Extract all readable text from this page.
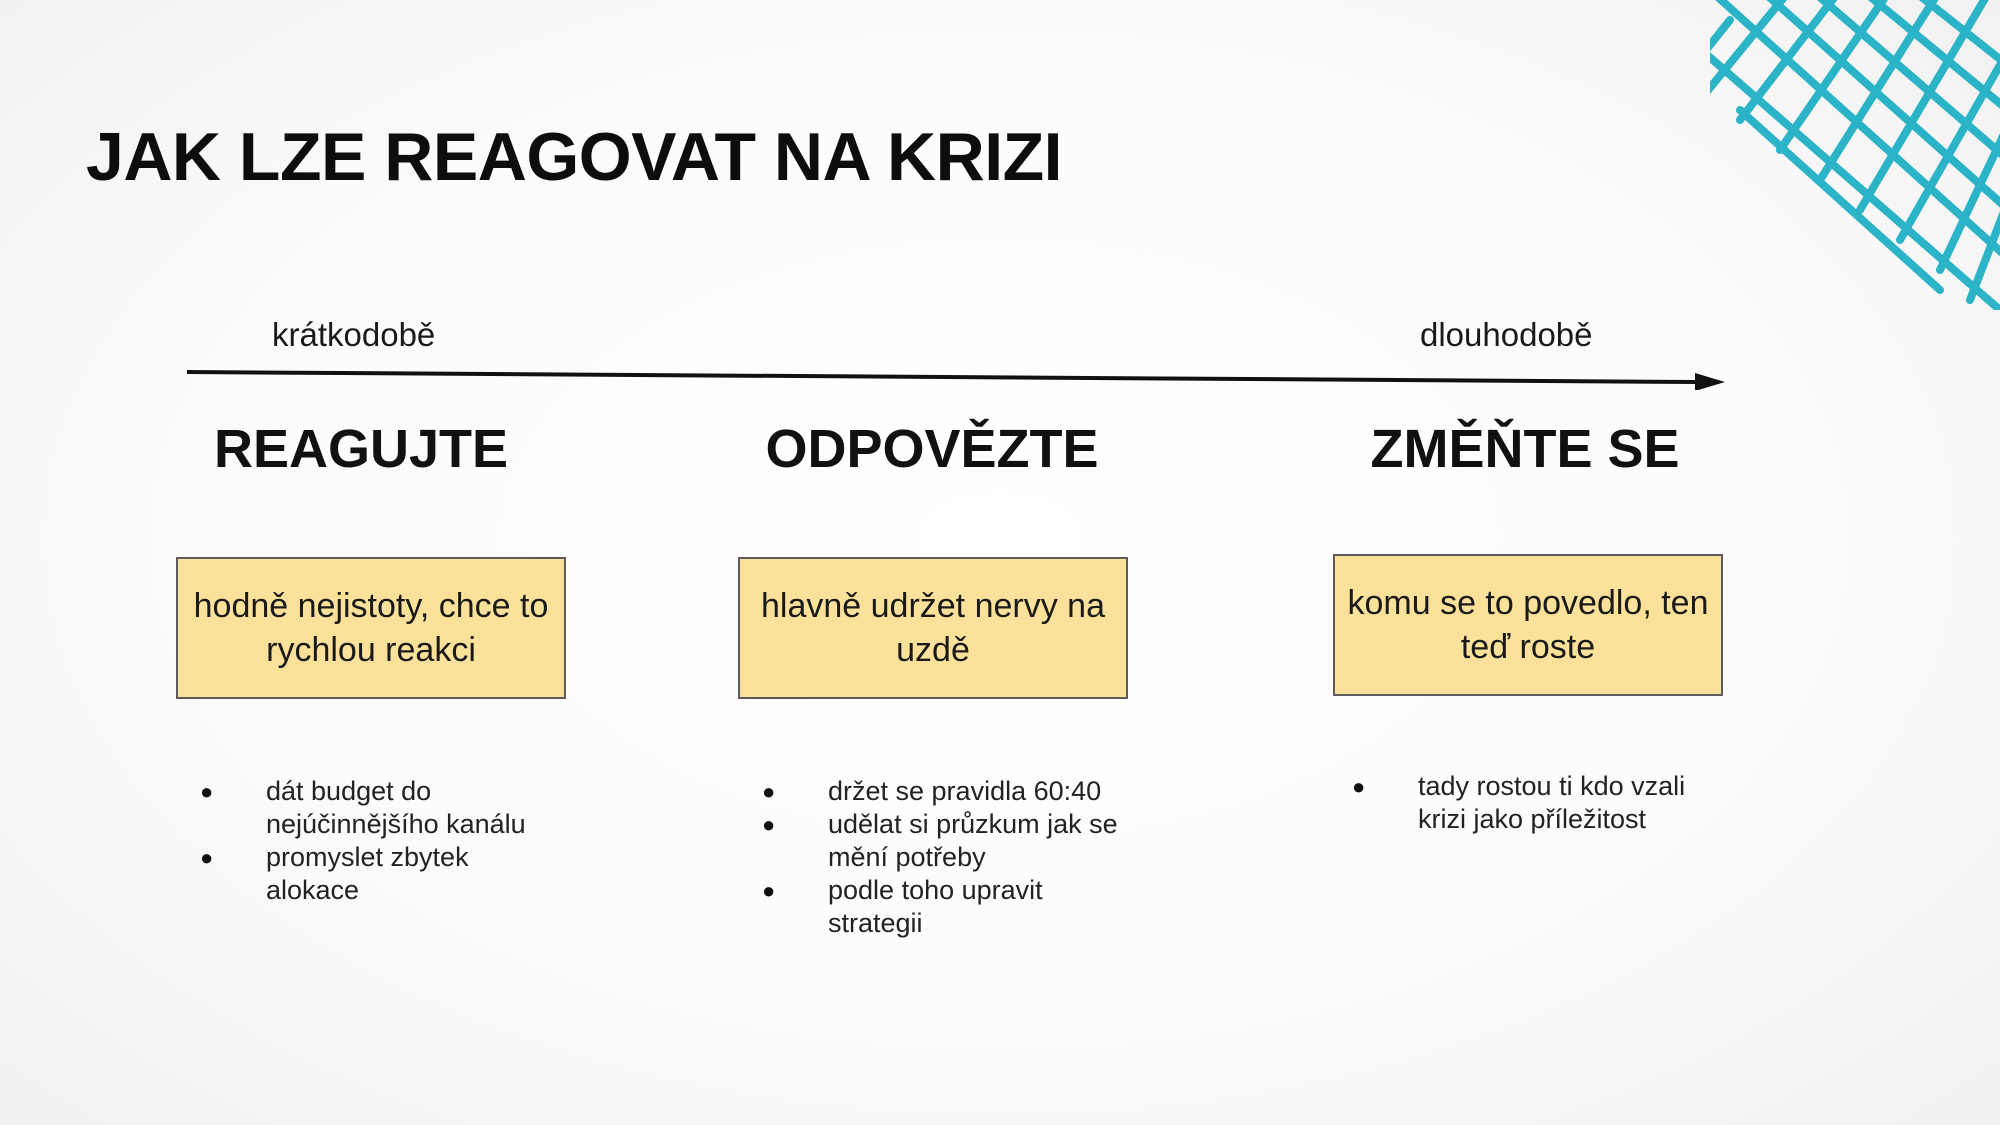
JAK LZE REAGOVAT NA KRIZI
krátkodobě	dlouhodobě
REAGUJTE
hodně nejistoty, chce to rychlou reakci
● dát budget do nejúčinnějšího kanálu
● promyslet zbytek alokace
ODPOVĚZTE
hlavně udržet nervy na uzdě
● držet se pravidla 60:40
● udělat si průzkum jak se mění potřeby
● podle toho upravit strategii
ZMĚŇTE SE
komu se to povedlo, ten teď roste
● tady rostou ti kdo vzali krizi jako příležitost
